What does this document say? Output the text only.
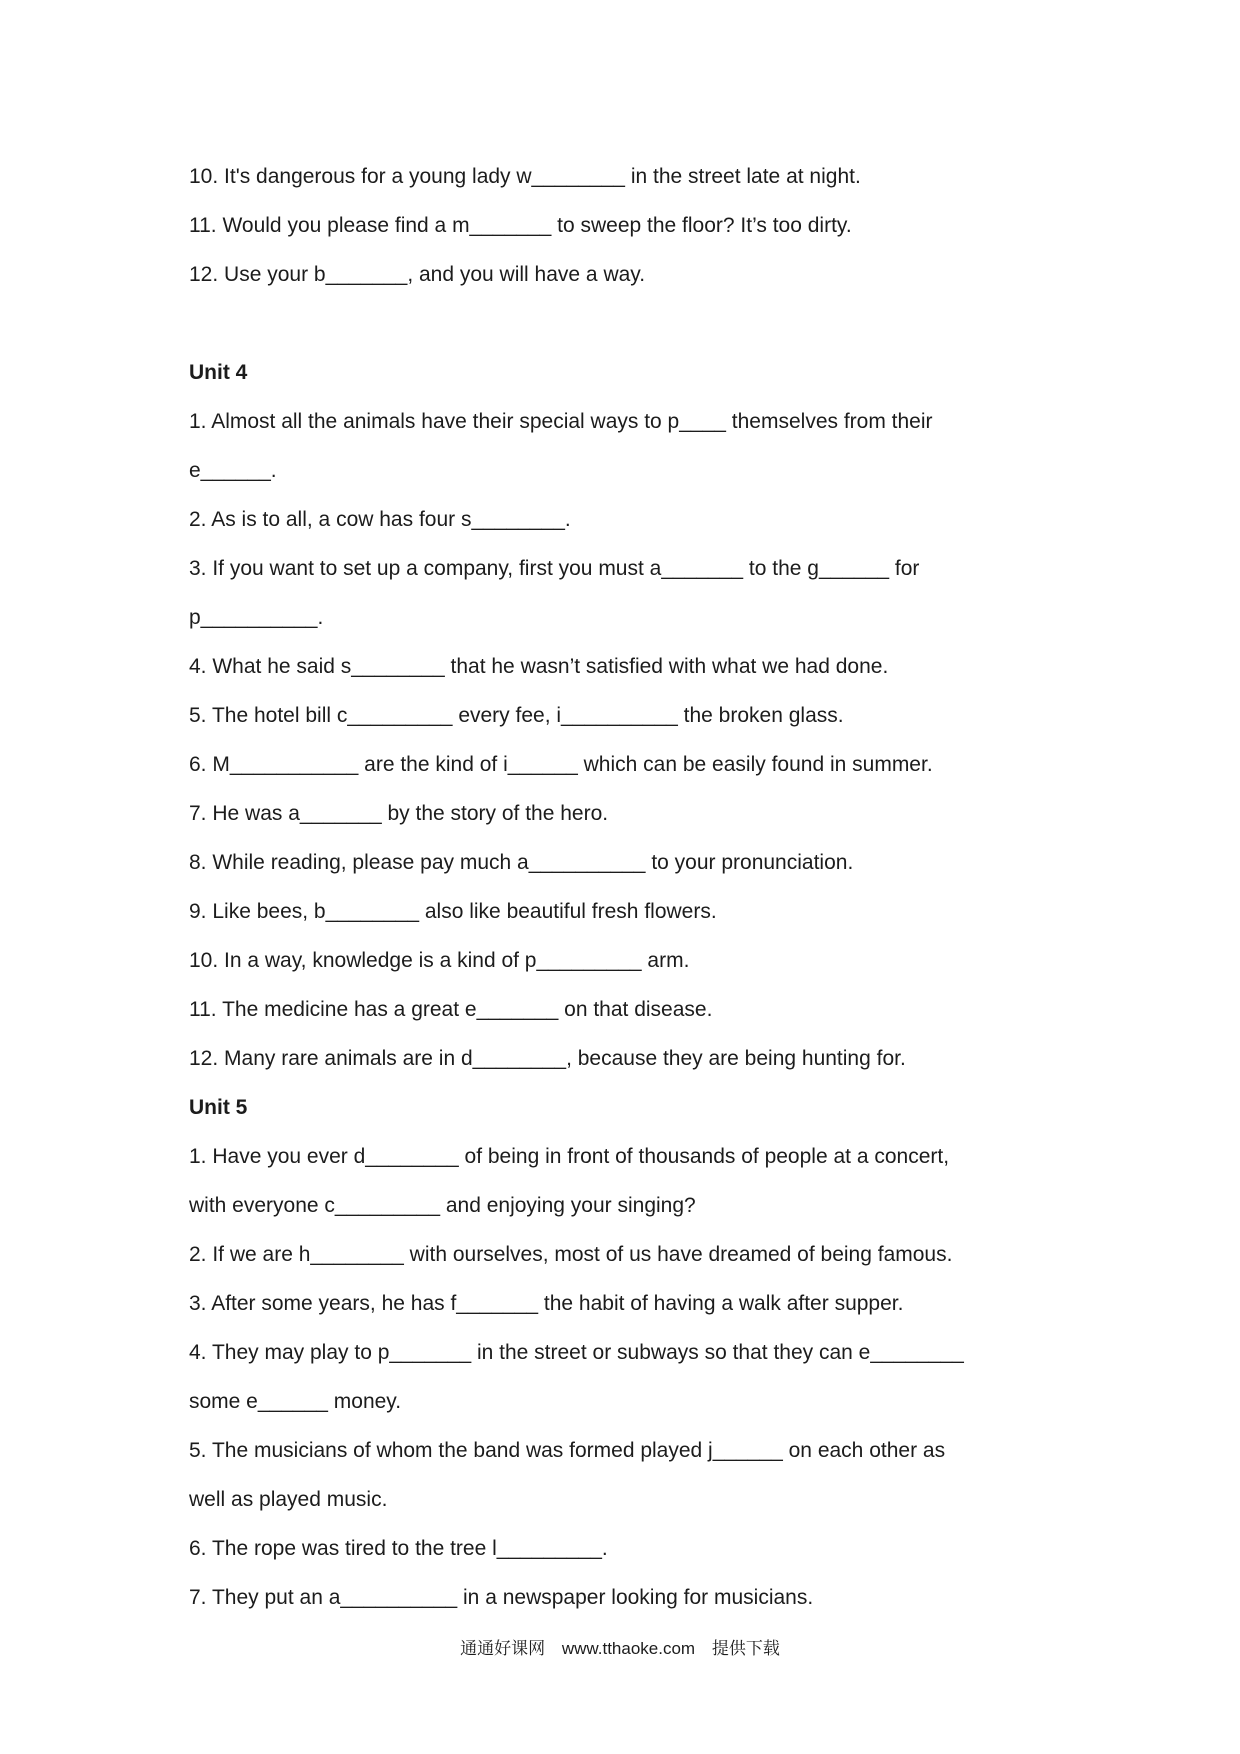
10. It's dangerous for a young lady w________ in the street late at night.
11. Would you please find a m_______ to sweep the floor? It’s too dirty.
12. Use your b_______, and you will have a way.
Unit 4
1. Almost all the animals have their special ways to p____ themselves from their
e______.
2. As is to all, a cow has four s________.
3. If you want to set up a company, first you must a_______ to the g______ for
p__________.
4. What he said s________ that he wasn’t satisfied with what we had done.
5. The hotel bill c_________ every fee, i__________ the broken glass.
6. M___________ are the kind of i______ which can be easily found in summer.
7. He was a_______ by the story of the hero.
8. While reading, please pay much a__________ to your pronunciation.
9. Like bees, b________ also like beautiful fresh flowers.
10. In a way, knowledge is a kind of p_________ arm.
11. The medicine has a great e_______ on that disease.
12. Many rare animals are in d________, because they are being hunting for.
Unit 5
1. Have you ever d________ of being in front of thousands of people at a concert,
with everyone c_________ and enjoying your singing?
2. If we are h________ with ourselves, most of us have dreamed of being famous.
3. After some years, he has f_______ the habit of having a walk after supper.
4. They may play to p_______ in the street or subways so that they can e________
some e______ money.
5. The musicians of whom the band was formed played j______ on each other as
well as played music.
6. The rope was tired to the tree l_________.
7. They put an a__________ in a newspaper looking for musicians.
通通好课网 www.tthaoke.com 提供下载
